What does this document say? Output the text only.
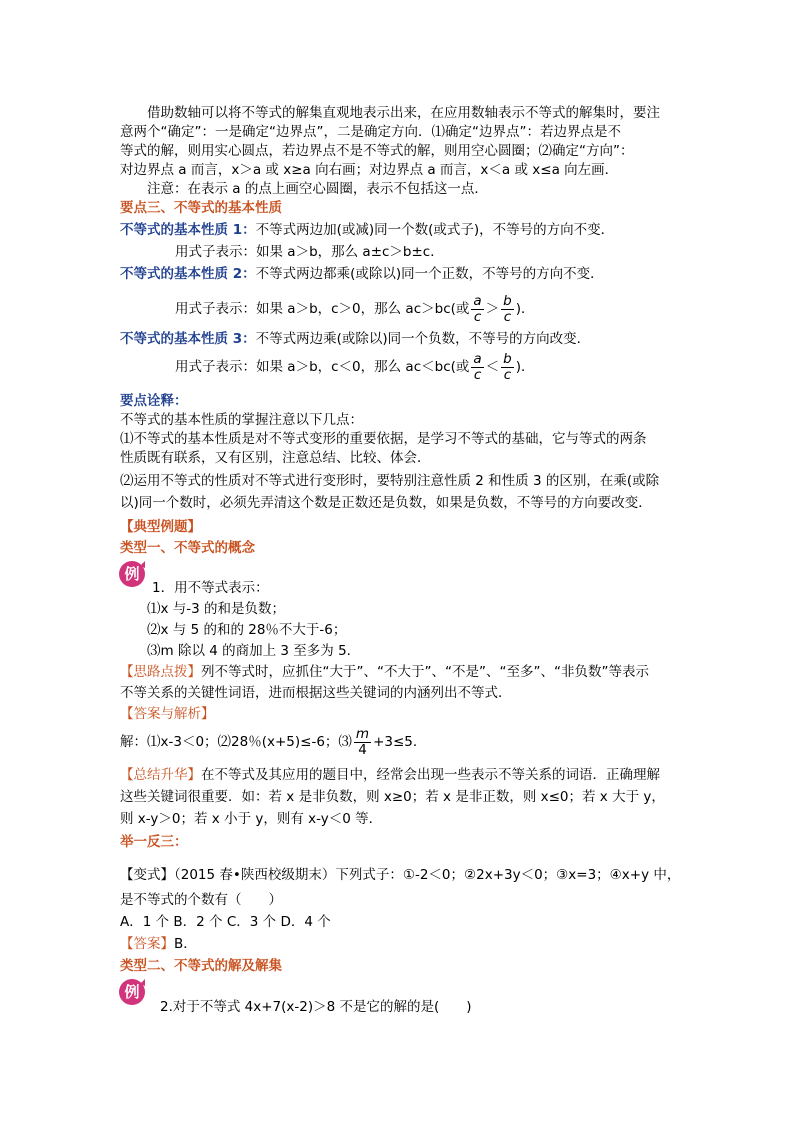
借助数轴可以将不等式的解集直观地表示出来，在应用数轴表示不等式的解集时，要注
意两个“确定”：一是确定“边界点”，二是确定方向．⑴确定“边界点”：若边界点是不
等式的解，则用实心圆点，若边界点不是不等式的解，则用空心圆圈；⑵确定“方向”：
对边界点 a 而言，x＞a 或 x≥a 向右画；对边界点 a 而言，x＜a 或 x≤a 向左画．
注意：在表示 a 的点上画空心圆圈，表示不包括这一点．
要点三、不等式的基本性质
不等式的基本性质 1：不等式两边加(或减)同一个数(或式子)，不等号的方向不变．
用式子表示：如果 a＞b，那么 a±c＞b±c．
不等式的基本性质 2：不等式两边都乘(或除以)同一个正数，不等号的方向不变．
用式子表示：如果 a＞b，c＞0，那么 ac＞bc(或 $\frac{a}{c} > \frac{b}{c}$ )．
不等式的基本性质 3：不等式两边乘(或除以)同一个负数，不等号的方向改变．
用式子表示：如果 a＞b，c＜0，那么 ac＜bc(或 $\frac{a}{c} < \frac{b}{c}$ )．
要点诠释：
不等式的基本性质的掌握注意以下几点：
⑴不等式的基本性质是对不等式变形的重要依据，是学习不等式的基础，它与等式的两条
性质既有联系，又有区别，注意总结、比较、体会．
⑵运用不等式的性质对不等式进行变形时，要特别注意性质 2 和性质 3 的区别，在乘(或除
以)同一个数时，必须先弄清这个数是正数还是负数，如果是负数，不等号的方向要改变．
【典型例题】
类型一、不等式的概念
例
1．用不等式表示：
⑴x 与-3 的和是负数；
⑵x 与 5 的和的 28％不大于-6；
⑶m 除以 4 的商加上 3 至多为 5．
【思路点拨】列不等式时，应抓住“大于”、“不大于”、“不是”、“至多”、“非负数”等表示
不等关系的关键性词语，进而根据这些关键词的内涵列出不等式．
【答案与解析】
解：⑴x-3＜0；⑵28％(x+5)≤-6；⑶ $\frac{m}{4} +3\le 5$．
【总结升华】在不等式及其应用的题目中，经常会出现一些表示不等关系的词语．正确理解
这些关键词很重要．如：若 x 是非负数，则 x≥0；若 x 是非正数，则 x≤0；若 x 大于 y，
则 x-y＞0；若 x 小于 y，则有 x-y＜0 等．
举一反三：
【变式】（2015 春•陕西校级期末）下列式子：①-2＜0；②2x+3y＜0；③x=3；④x+y 中，
是不等式的个数有（　　）
A．1 个 B．2 个 C．3 个 D．4 个
【答案】B．
类型二、不等式的解及解集
例
2.对于不等式 4x+7(x-2)＞8 不是它的解的是(　　)
